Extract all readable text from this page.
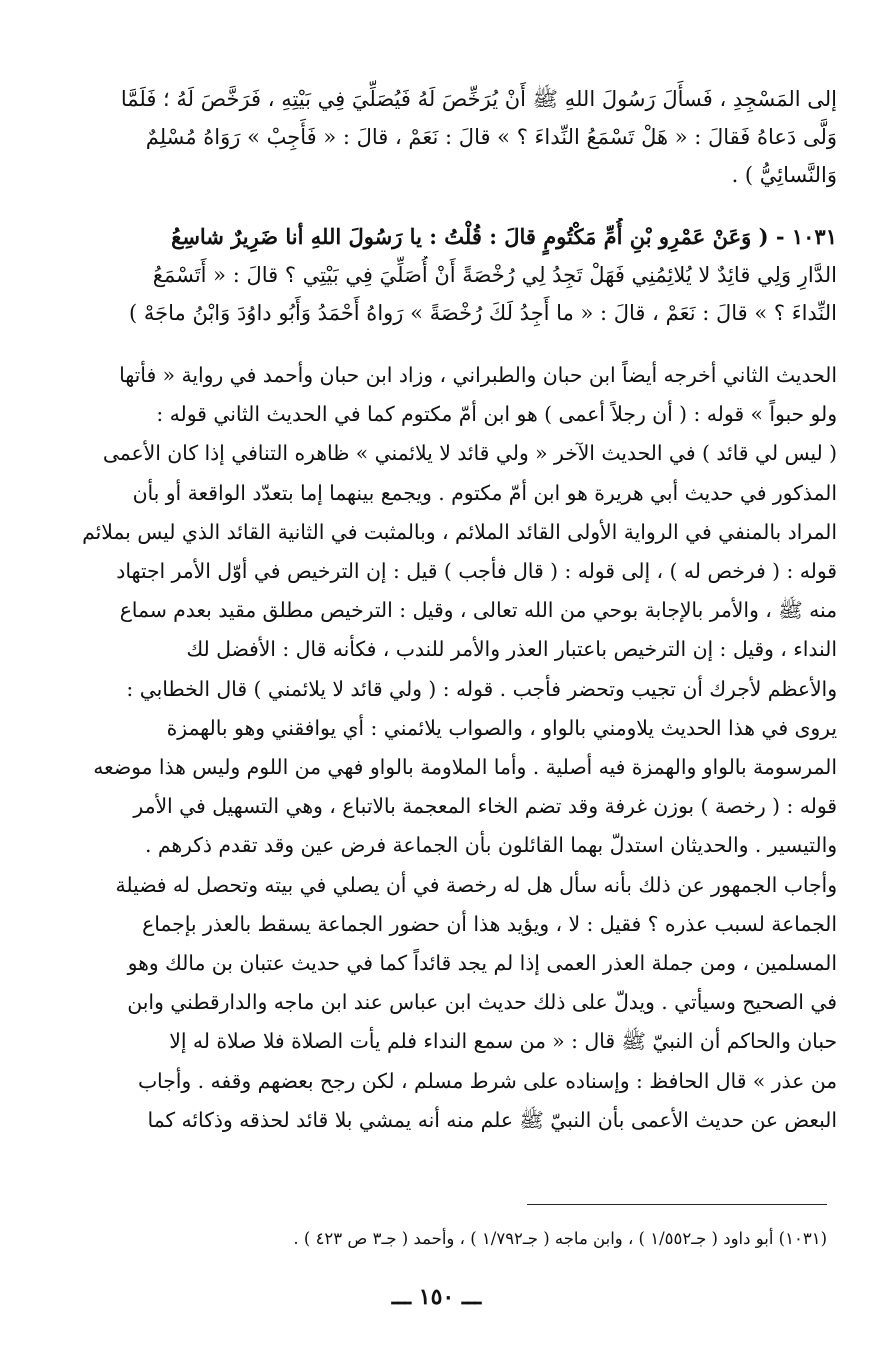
إلى المَسْجِدِ ، فَسأَلَ رَسُولَ اللهِ ﷺ أَنْ يُرَخِّصَ لَهُ فَيُصَلِّيَ فِي بَيْتِهِ ، فَرَخَّصَ لَهُ ؛ فَلَمَّا
وَلَّى دَعاهُ فَقالَ : « هَلْ تَسْمَعُ النِّداءَ ؟ » قالَ : نَعَمْ ، قالَ : « فَأَجِبْ » رَوَاهُ مُسْلِمٌ
وَالنَّسائِيُّ ) .
١٠٣١ - ( وَعَنْ عَمْرِو بْنِ أُمِّ مَكْتُومٍ قالَ : قُلْتُ : يا رَسُولَ اللهِ أنا ضَرِيرٌ شاسِعُ
الدَّارِ وَلِي قائِدٌ لا يُلائِمُنِي فَهَلْ تَجِدُ لِي رُخْصَةً أَنْ أُصَلِّيَ فِي بَيْتِي ؟ قالَ : « أَتَسْمَعُ
النِّداءَ ؟ » قالَ : نَعَمْ ، قالَ : « ما أَجِدُ لَكَ رُخْصَةً » رَواهُ أَحْمَدُ وَأَبُو داوُدَ وَابْنُ ماجَهْ )
الحديث الثاني أخرجه أيضاً ابن حبان والطبراني ، وزاد ابن حبان وأحمد في رواية « فأتها
ولو حبواً » قوله : ( أن رجلاً أعمى ) هو ابن أمّ مكتوم كما في الحديث الثاني قوله :
( ليس لي قائد ) في الحديث الآخر « ولي قائد لا يلائمني » ظاهره التنافي إذا كان الأعمى
المذكور في حديث أبي هريرة هو ابن أمّ مكتوم . ويجمع بينهما إما بتعدّد الواقعة أو بأن
المراد بالمنفي في الرواية الأولى القائد الملائم ، وبالمثبت في الثانية القائد الذي ليس بملائم
قوله : ( فرخص له ) ، إلى قوله : ( قال فأجب ) قيل : إن الترخيص في أوّل الأمر اجتهاد
منه ﷺ ، والأمر بالإجابة بوحي من الله تعالى ، وقيل : الترخيص مطلق مقيد بعدم سماع
النداء ، وقيل : إن الترخيص باعتبار العذر والأمر للندب ، فكأنه قال : الأفضل لك
والأعظم لأجرك أن تجيب وتحضر فأجب . قوله : ( ولي قائد لا يلائمني ) قال الخطابي :
يروى في هذا الحديث يلاومني بالواو ، والصواب يلائمني : أي يوافقني وهو بالهمزة
المرسومة بالواو والهمزة فيه أصلية . وأما الملاومة بالواو فهي من اللوم وليس هذا موضعه
قوله : ( رخصة ) بوزن غرفة وقد تضم الخاء المعجمة بالاتباع ، وهي التسهيل في الأمر
والتيسير . والحديثان استدلّ بهما القائلون بأن الجماعة فرض عين وقد تقدم ذكرهم .
وأجاب الجمهور عن ذلك بأنه سأل هل له رخصة في أن يصلي في بيته وتحصل له فضيلة
الجماعة لسبب عذره ؟ فقيل : لا ، ويؤيد هذا أن حضور الجماعة يسقط بالعذر بإجماع
المسلمين ، ومن جملة العذر العمى إذا لم يجد قائداً كما في حديث عتبان بن مالك وهو
في الصحيح وسيأتي . ويدلّ على ذلك حديث ابن عباس عند ابن ماجه والدارقطني وابن
حبان والحاكم أن النبيّ ﷺ قال : « من سمع النداء فلم يأت الصلاة فلا صلاة له إلا
من عذر » قال الحافظ : وإسناده على شرط مسلم ، لكن رجح بعضهم وقفه . وأجاب
البعض عن حديث الأعمى بأن النبيّ ﷺ علم منه أنه يمشي بلا قائد لحذقه وذكائه كما
(١٠٣١) أبو داود ( جـ١/٥٥٢ ) ، وابن ماجه ( جـ١/٧٩٢ ) ، وأحمد ( جـ٣ ص ٤٢٣ ) .
ـــ ١٥٠ ـــ
